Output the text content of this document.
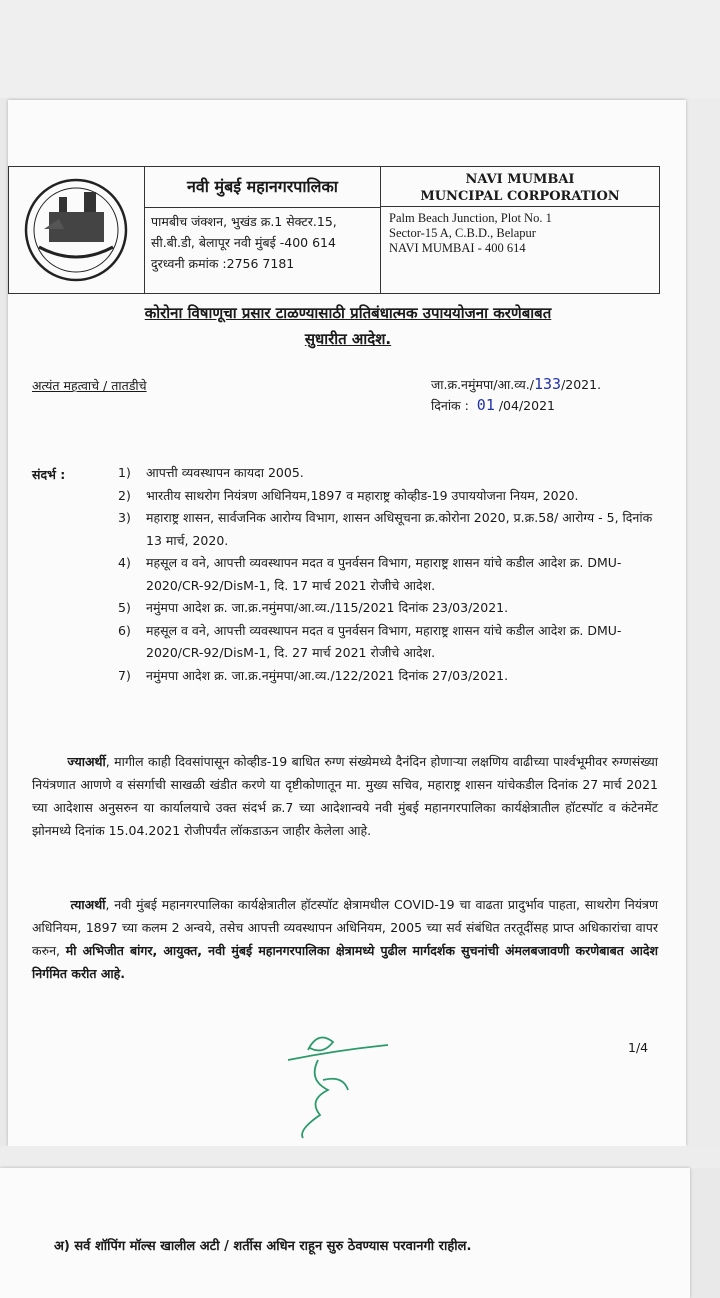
नवी मुंबई महानगरपालिका
पामबीच जंक्शन, भुखंड क्र.1 सेक्टर.15,
सी.बी.डी, बेलापूर नवी मुंबई -400 614
दुरध्वनी क्रमांक :2756 7181
NAVI MUMBAI
MUNCIPAL CORPORATION
Palm Beach Junction, Plot No. 1
Sector-15 A, C.B.D., Belapur
NAVI MUMBAI - 400 614
कोरोना विषाणूचा प्रसार टाळण्यासाठी प्रतिबंधात्मक उपाययोजना करणेबाबत
सुधारीत आदेश.
अत्यंत महत्वाचे / तातडीचे	जा.क्र.नमुंमपा/आ.व्य./133/2021.
दिनांक : 01 /04/2021
संदर्भ :	1)	आपत्ती व्यवस्थापन कायदा 2005.
2)	भारतीय साथरोग नियंत्रण अधिनियम,1897 व महाराष्ट्र कोव्हीड-19 उपाययोजना नियम, 2020.
3)	महाराष्ट्र शासन, सार्वजनिक आरोग्य विभाग, शासन अधिसूचना क्र.कोरोना 2020, प्र.क्र.58/ आरोग्य - 5, दिनांक 13 मार्च, 2020.
4)	महसूल व वने, आपत्ती व्यवस्थापन मदत व पुनर्वसन विभाग, महाराष्ट्र शासन यांचे कडील आदेश क्र. DMU-2020/CR-92/DisM-1, दि. 17 मार्च 2021 रोजीचे आदेश.
5)	नमुंमपा आदेश क्र. जा.क्र.नमुंमपा/आ.व्य./115/2021 दिनांक 23/03/2021.
6)	महसूल व वने, आपत्ती व्यवस्थापन मदत व पुनर्वसन विभाग, महाराष्ट्र शासन यांचे कडील आदेश क्र. DMU-2020/CR-92/DisM-1, दि. 27 मार्च 2021 रोजीचे आदेश.
7)	नमुंमपा आदेश क्र. जा.क्र.नमुंमपा/आ.व्य./122/2021 दिनांक 27/03/2021.
ज्याअर्थी, मागील काही दिवसांपासून कोव्हीड-19 बाधित रुग्ण संख्येमध्ये दैनंदिन होणाऱ्या लक्षणिय वाढीच्या पार्श्वभूमीवर रुग्णसंख्या नियंत्रणात आणणे व संसर्गाची साखळी खंडीत करणे या दृष्टीकोणातून मा. मुख्य सचिव, महाराष्ट्र शासन यांचेकडील दिनांक 27 मार्च 2021 च्या आदेशास अनुसरुन या कार्यालयाचे उक्त संदर्भ क्र.7 च्या आदेशान्वये नवी मुंबई महानगरपालिका कार्यक्षेत्रातील हॉटस्पॉट व कंटेनमेंट झोनमध्ये दिनांक 15.04.2021 रोजीपर्यंत लॉकडाऊन जाहीर केलेला आहे.
त्याअर्थी, नवी मुंबई महानगरपालिका कार्यक्षेत्रातील हॉटस्पॉट क्षेत्रामधील COVID-19 चा वाढता प्रादुर्भाव पाहता, साथरोग नियंत्रण अधिनियम, 1897 च्या कलम 2 अन्वये, तसेच आपत्ती व्यवस्थापन अधिनियम, 2005 च्या सर्व संबंधित तरतूदींसह प्राप्त अधिकारांचा वापर करुन, मी अभिजीत बांगर, आयुक्त, नवी मुंबई महानगरपालिका क्षेत्रामध्ये पुढील मार्गदर्शक सुचनांची अंमलबजावणी करणेबाबत आदेश निर्गमित करीत आहे.
1/4
अ) सर्व शॉपिंग मॉल्स खालील अटी / शर्तीस अधिन राहून सुरु ठेवण्यास परवानगी राहील.
